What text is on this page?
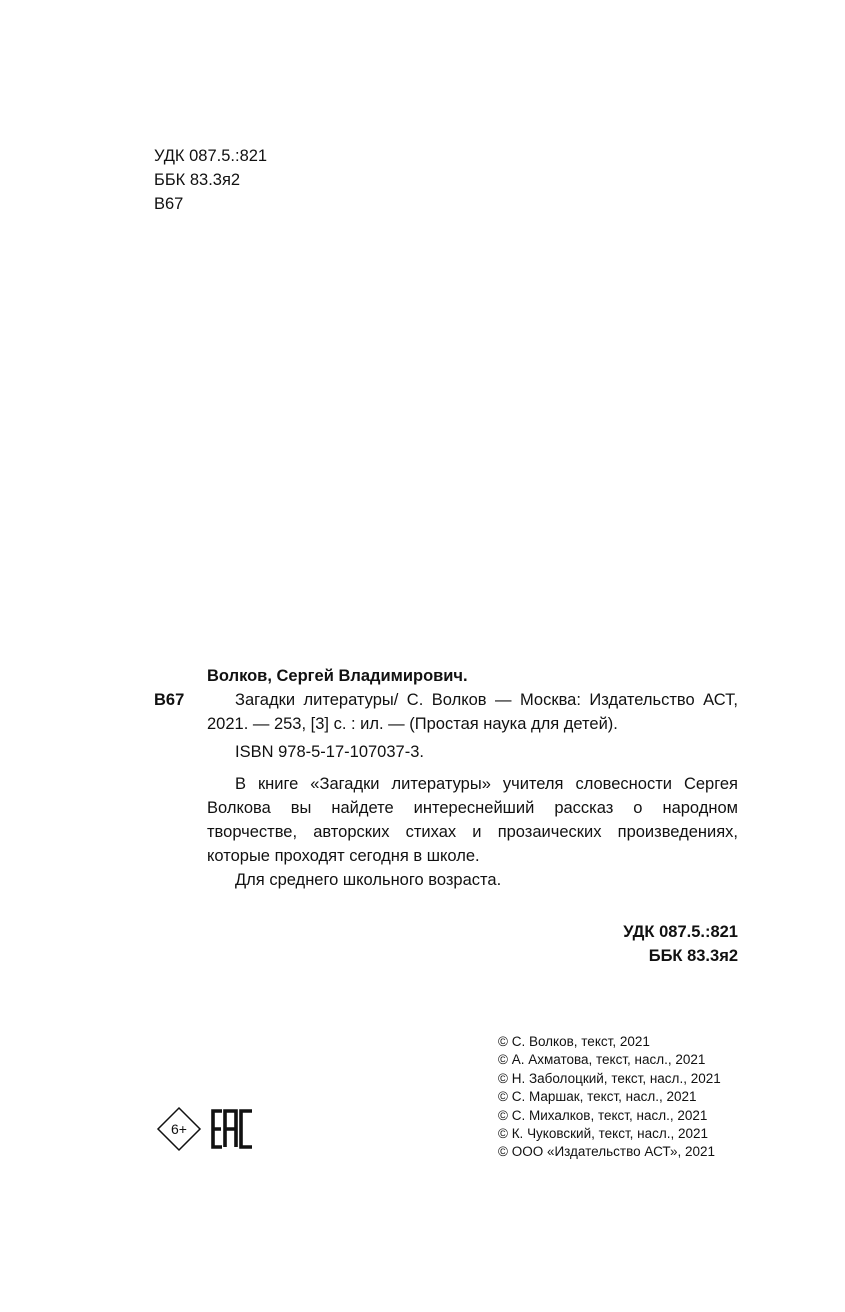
УДК 087.5.:821
ББК 83.3я2
В67
В67
Волков, Сергей Владимирович.

Загадки литературы/ С. Волков — Москва: Издательство АСТ, 2021. — 253, [3] с. : ил. — (Простая наука для детей).

ISBN 978-5-17-107037-3.

В книге «Загадки литературы» учителя словесности Сергея Волкова вы найдете интереснейший рассказ о народном творчестве, авторских стихах и прозаических произведениях, которые проходят сегодня в школе.

Для среднего школьного возраста.

УДК 087.5.:821
ББК 83.3я2
© С. Волков, текст, 2021
© А. Ахматова, текст, насл., 2021
© Н. Заболоцкий, текст, насл., 2021
© С. Маршак, текст, насл., 2021
© С. Михалков, текст, насл., 2021
© К. Чуковский, текст, насл., 2021
© ООО «Издательство АСТ», 2021
6+
